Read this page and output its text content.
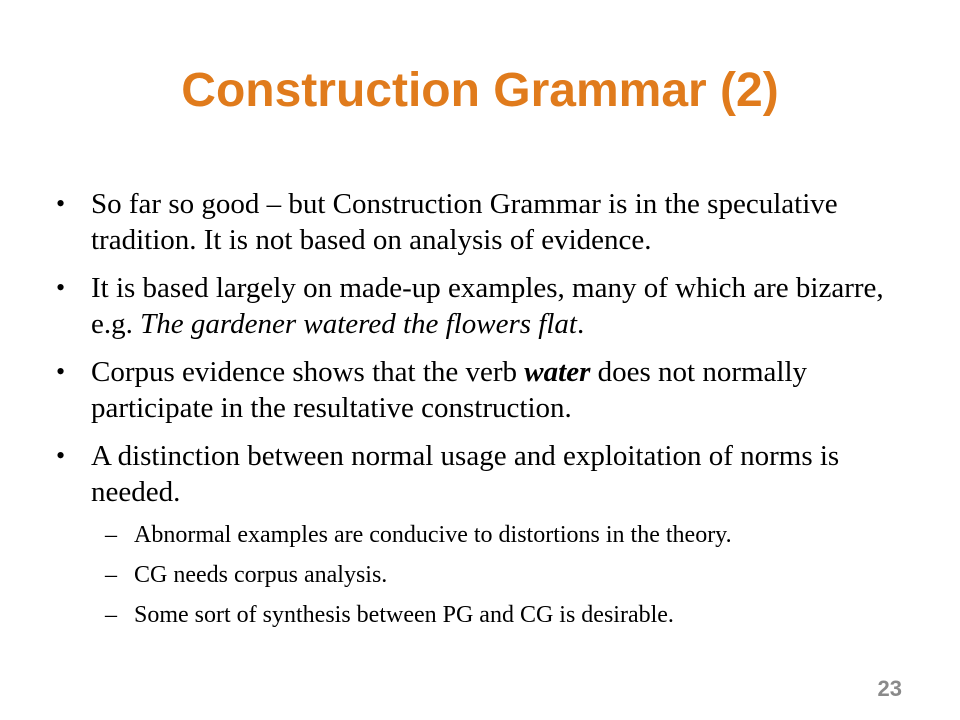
Construction Grammar (2)
• So far so good – but Construction Grammar is in the speculative tradition. It is not based on analysis of evidence.
• It is based largely on made-up examples, many of which are bizarre, e.g. The gardener watered the flowers flat.
• Corpus evidence shows that the verb water does not normally participate in the resultative construction.
• A distinction between normal usage and exploitation of norms is needed.
– Abnormal examples are conducive to distortions in the theory.
– CG needs corpus analysis.
– Some sort of synthesis between PG and CG is desirable.
23
